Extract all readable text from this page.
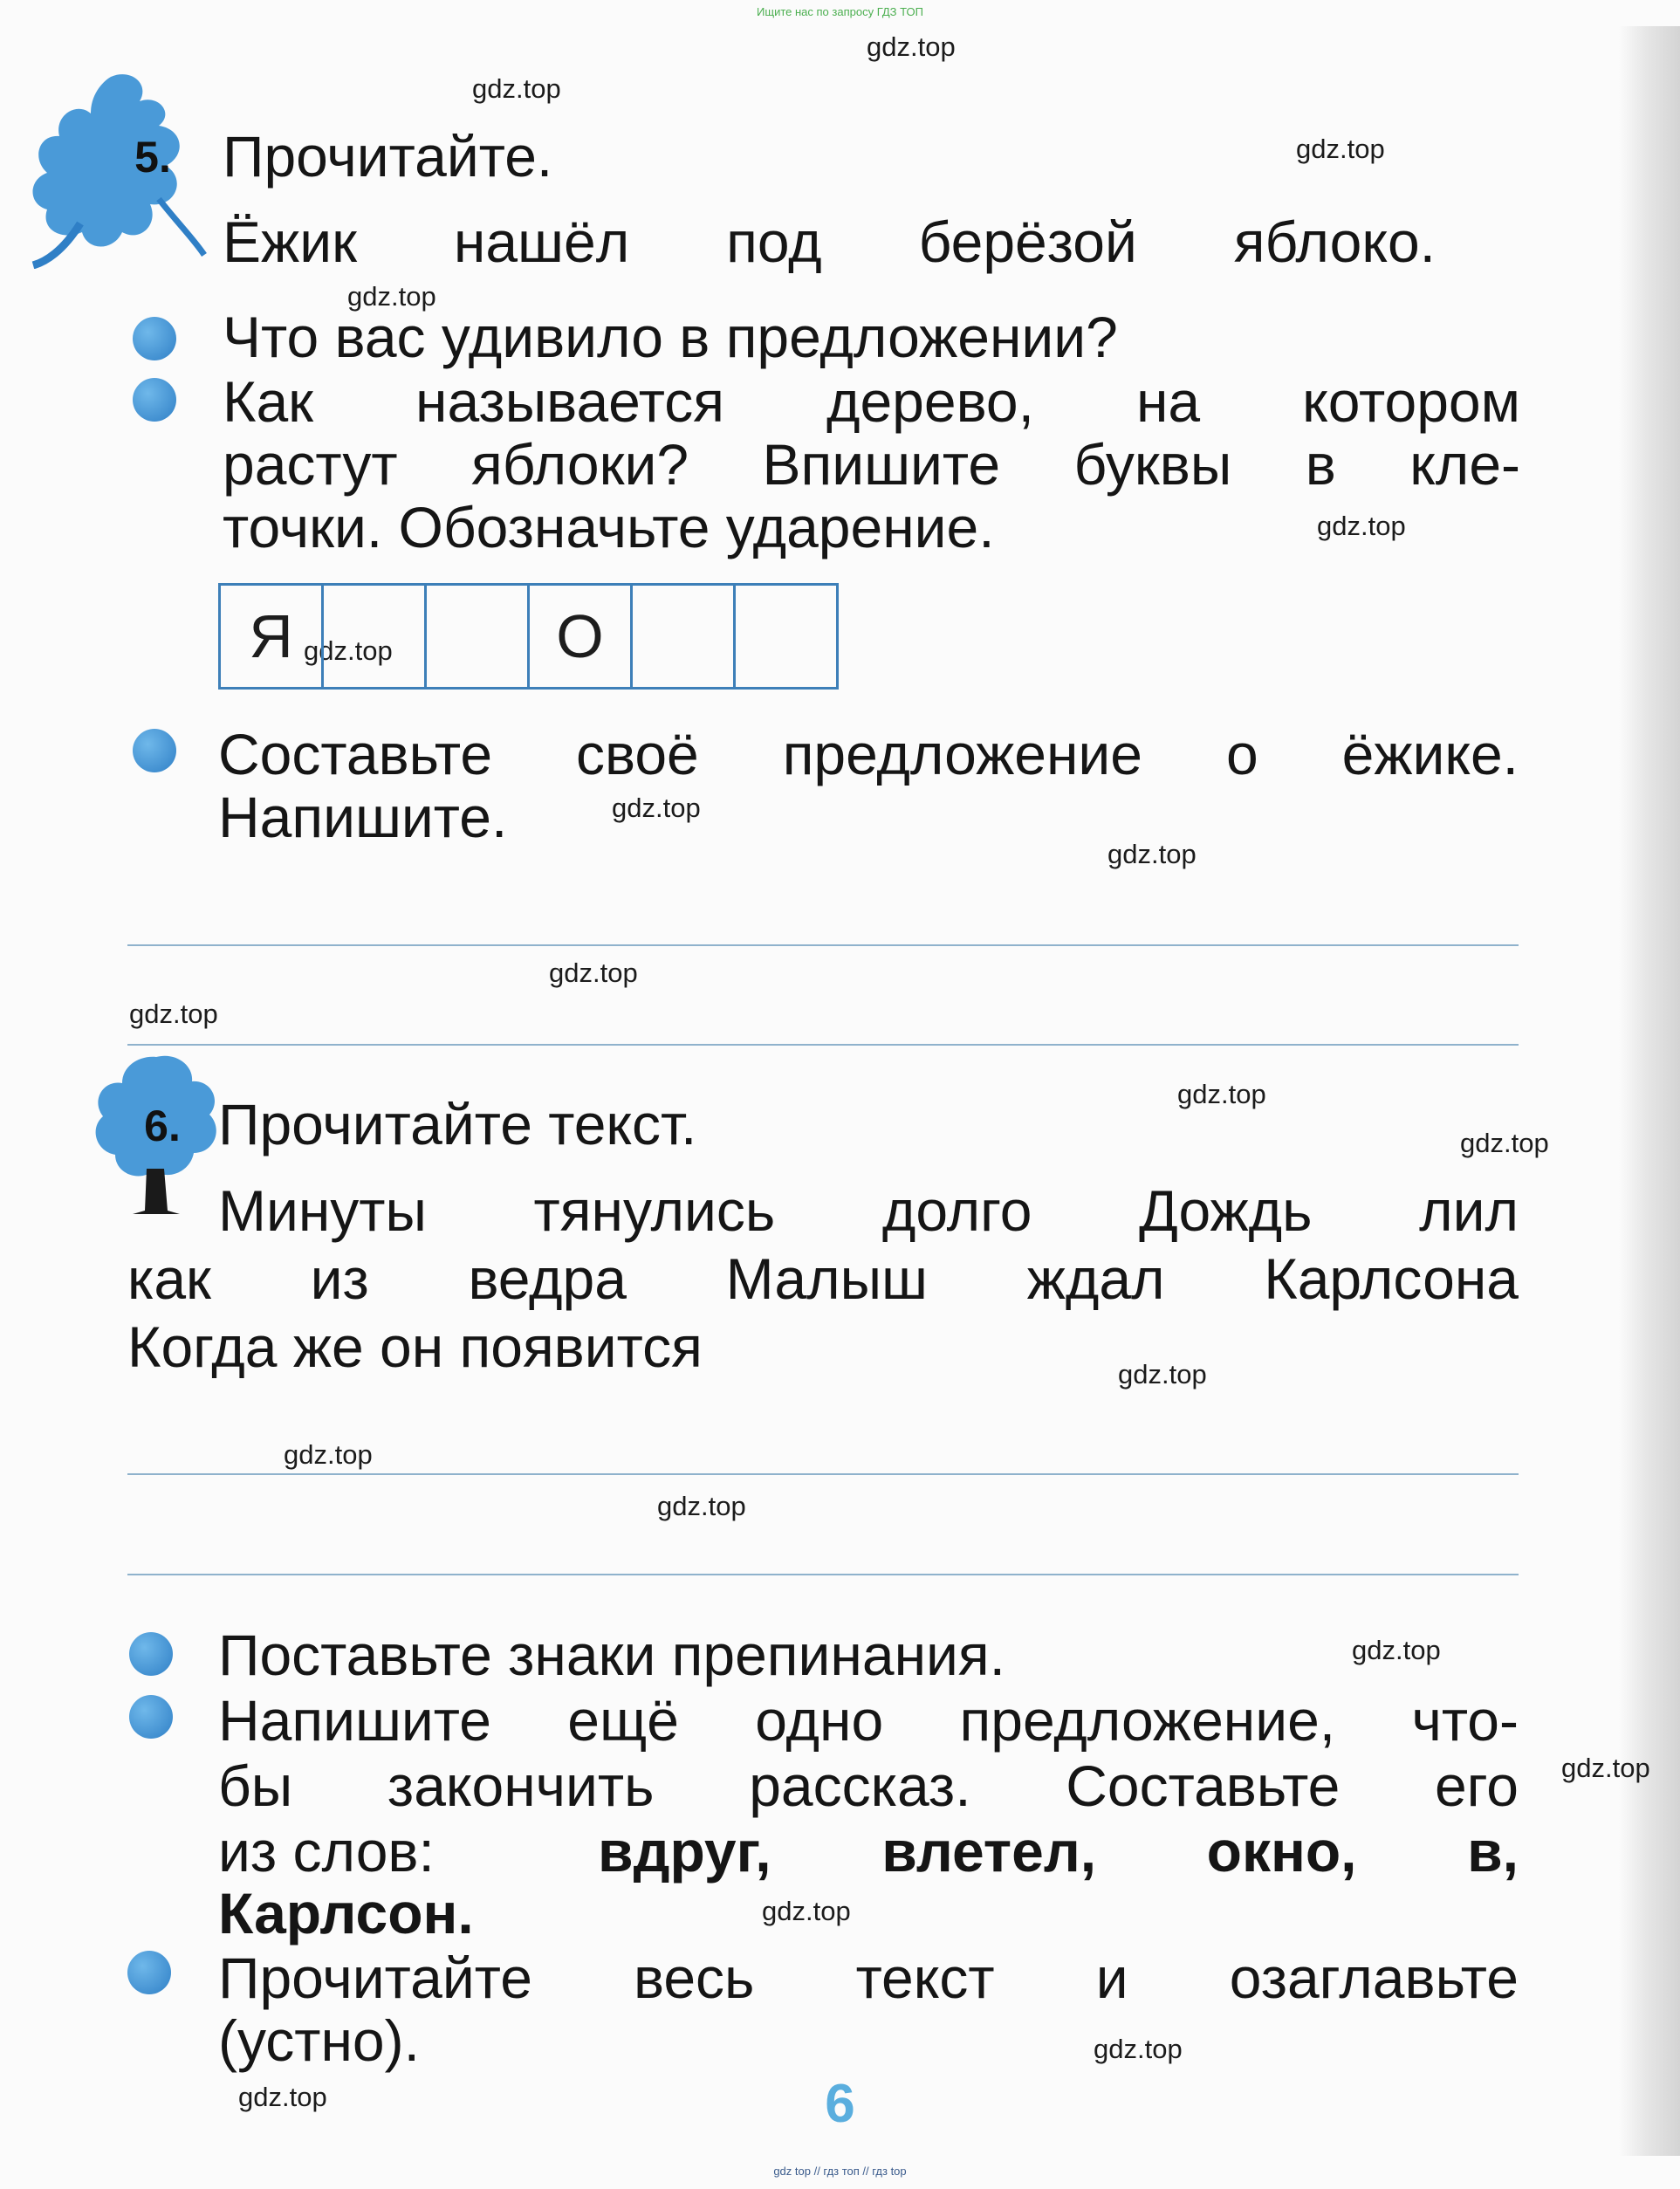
Ищите нас по запросу ГДЗ ТОП
gdz.top
gdz.top
gdz.top
gdz.top
gdz.top
gdz.top
gdz.top
gdz.top
gdz.top
gdz.top
gdz.top
gdz.top
gdz.top
gdz.top
gdz.top
gdz.top
gdz.top
gdz.top
gdz.top
gdz.top
5. Прочитайте.
Ёжик нашёл под берёзой яблоко.
Что вас удивило в предложении?
Как называется дерево, на котором
растут яблоки? Впишите буквы в кле-
точки. Обозначьте ударение.
Я	О
Составьте своё предложение о ёжике.
Напишите.
6. Прочитайте текст.
Минуты тянулись долго Дождь лил
как из ведра Малыш ждал Карлсона
Когда же он появится
Поставьте знаки препинания.
Напишите ещё одно предложение, что-
бы закончить рассказ. Составьте его
из слов:	вдруг, влетел, окно, в,
Карлсон.
Прочитайте весь текст и озаглавьте
(устно).
6
gdz top // гдз топ // гдз top
